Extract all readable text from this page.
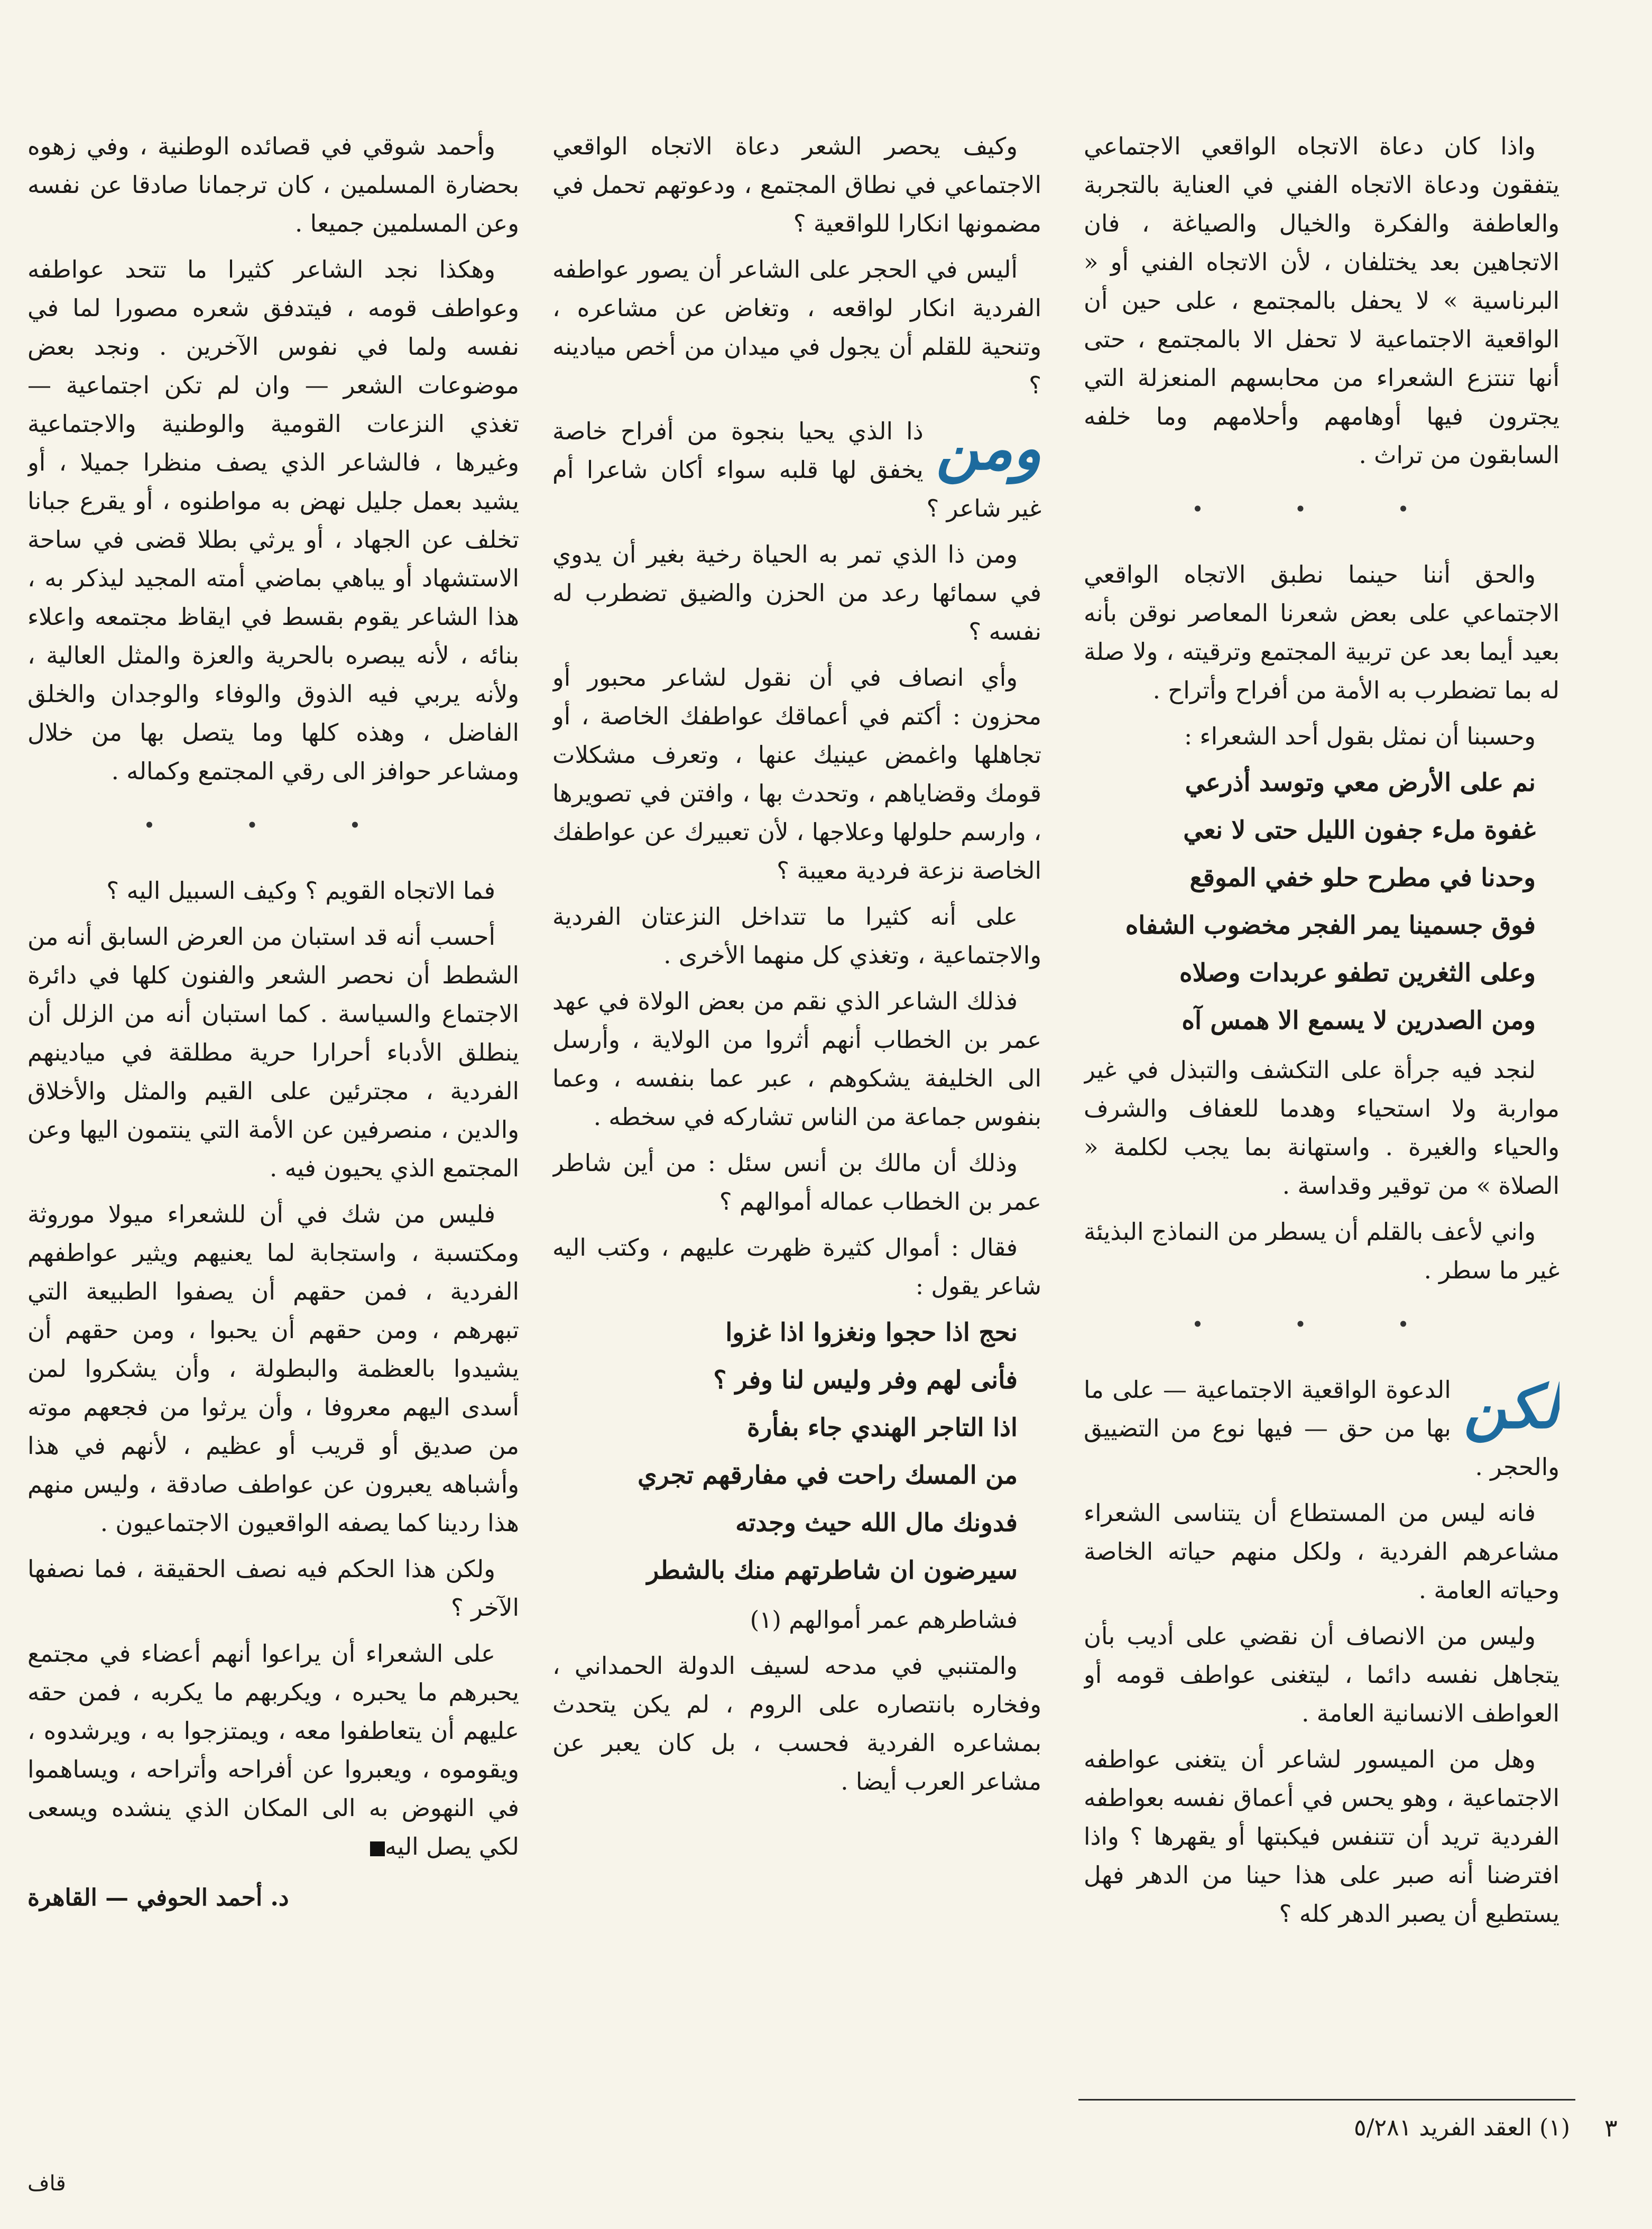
واذا كان دعاة الاتجاه الواقعي الاجتماعي يتفقون ودعاة الاتجاه الفني في العناية بالتجربة والعاطفة والفكرة والخيال والصياغة ، فان الاتجاهين بعد يختلفان ، لأن الاتجاه الفني أو « البرناسية » لا يحفل بالمجتمع ، على حين أن الواقعية الاجتماعية لا تحفل الا بالمجتمع ، حتى أنها تنتزع الشعراء من محابسهم المنعزلة التي يجترون فيها أوهامهم وأحلامهم وما خلفه السابقون من تراث .

• • •

والحق أننا حينما نطبق الاتجاه الواقعي الاجتماعي على بعض شعرنا المعاصر نوقن بأنه بعيد أيما بعد عن تربية المجتمع وترقيته ، ولا صلة له بما تضطرب به الأمة من أفراح وأتراح .

وحسبنا أن نمثل بقول أحد الشعراء :

نم على الأرض معي وتوسد أذرعي

غفوة ملء جفون الليل حتى لا نعي

وحدنا في مطرح حلو خفي الموقع

فوق جسمينا يمر الفجر مخضوب الشفاه

وعلى الثغرين تطفو عربدات وصلاه

ومن الصدرين لا يسمع الا همس آه

لنجد فيه جرأة على التكشف والتبذل في غير مواربة ولا استحياء وهدما للعفاف والشرف والحياء والغيرة . واستهانة بما يجب لكلمة « الصلاة » من توقير وقداسة .

واني لأعف بالقلم أن يسطر من النماذج البذيئة غير ما سطر .

• • •

لكن
الدعوة الواقعية الاجتماعية — على ما بها من حق — فيها نوع من التضييق والحجر .

فانه ليس من المستطاع أن يتناسى الشعراء مشاعرهم الفردية ، ولكل منهم حياته الخاصة وحياته العامة .

وليس من الانصاف أن نقضي على أديب بأن يتجاهل نفسه دائما ، ليتغنى عواطف قومه أو العواطف الانسانية العامة .

وهل من الميسور لشاعر أن يتغنى عواطفه الاجتماعية ، وهو يحس في أعماق نفسه بعواطفه الفردية تريد أن تتنفس فيكبتها أو يقهرها ؟ واذا افترضنا أنه صبر على هذا حينا من الدهر فهل يستطيع أن يصبر الدهر كله ؟

وكيف يحصر الشعر دعاة الاتجاه الواقعي الاجتماعي في نطاق المجتمع ، ودعوتهم تحمل في مضمونها انكارا للواقعية ؟

أليس في الحجر على الشاعر أن يصور عواطفه الفردية انكار لواقعه ، وتغاض عن مشاعره ، وتنحية للقلم أن يجول في ميدان من أخص ميادينه ؟

ومن
ذا الذي يحيا بنجوة من أفراح خاصة يخفق لها قلبه سواء أكان شاعرا أم غير شاعر ؟

ومن ذا الذي تمر به الحياة رخية بغير أن يدوي في سمائها رعد من الحزن والضيق تضطرب له نفسه ؟

وأي انصاف في أن نقول لشاعر محبور أو محزون : أكتم في أعماقك عواطفك الخاصة ، أو تجاهلها واغمض عينيك عنها ، وتعرف مشكلات قومك وقضاياهم ، وتحدث بها ، وافتن في تصويرها ، وارسم حلولها وعلاجها ، لأن تعبيرك عن عواطفك الخاصة نزعة فردية معيبة ؟

على أنه كثيرا ما تتداخل النزعتان الفردية والاجتماعية ، وتغذي كل منهما الأخرى .

فذلك الشاعر الذي نقم من بعض الولاة في عهد عمر بن الخطاب أنهم أثروا من الولاية ، وأرسل الى الخليفة يشكوهم ، عبر عما بنفسه ، وعما بنفوس جماعة من الناس تشاركه في سخطه .

وذلك أن مالك بن أنس سئل : من أين شاطر عمر بن الخطاب عماله أموالهم ؟

فقال : أموال كثيرة ظهرت عليهم ، وكتب اليه شاعر يقول :

نحج اذا حجوا ونغزوا اذا غزوا

فأنى لهم وفر وليس لنا وفر ؟

اذا التاجر الهندي جاء بفأرة

من المسك راحت في مفارقهم تجري

فدونك مال الله حيث وجدته

سيرضون ان شاطرتهم منك بالشطر

فشاطرهم عمر أموالهم (١)

والمتنبي في مدحه لسيف الدولة الحمداني ، وفخاره بانتصاره على الروم ، لم يكن يتحدث بمشاعره الفردية فحسب ، بل كان يعبر عن مشاعر العرب أيضا .

وأحمد شوقي في قصائده الوطنية ، وفي زهوه بحضارة المسلمين ، كان ترجمانا صادقا عن نفسه وعن المسلمين جميعا .

وهكذا نجد الشاعر كثيرا ما تتحد عواطفه وعواطف قومه ، فيتدفق شعره مصورا لما في نفسه ولما في نفوس الآخرين . ونجد بعض موضوعات الشعر — وان لم تكن اجتماعية — تغذي النزعات القومية والوطنية والاجتماعية وغيرها ، فالشاعر الذي يصف منظرا جميلا ، أو يشيد بعمل جليل نهض به مواطنوه ، أو يقرع جبانا تخلف عن الجهاد ، أو يرثي بطلا قضى في ساحة الاستشهاد أو يباهي بماضي أمته المجيد ليذكر به ، هذا الشاعر يقوم بقسط في ايقاظ مجتمعه واعلاء بنائه ، لأنه يبصره بالحرية والعزة والمثل العالية ، ولأنه يربي فيه الذوق والوفاء والوجدان والخلق الفاضل ، وهذه كلها وما يتصل بها من خلال ومشاعر حوافز الى رقي المجتمع وكماله .

• • •

فما الاتجاه القويم ؟ وكيف السبيل اليه ؟

أحسب أنه قد استبان من العرض السابق أنه من الشطط أن نحصر الشعر والفنون كلها في دائرة الاجتماع والسياسة . كما استبان أنه من الزلل أن ينطلق الأدباء أحرارا حرية مطلقة في ميادينهم الفردية ، مجترئين على القيم والمثل والأخلاق والدين ، منصرفين عن الأمة التي ينتمون اليها وعن المجتمع الذي يحيون فيه .

فليس من شك في أن للشعراء ميولا موروثة ومكتسبة ، واستجابة لما يعنيهم ويثير عواطفهم الفردية ، فمن حقهم أن يصفوا الطبيعة التي تبهرهم ، ومن حقهم أن يحبوا ، ومن حقهم أن يشيدوا بالعظمة والبطولة ، وأن يشكروا لمن أسدى اليهم معروفا ، وأن يرثوا من فجعهم موته من صديق أو قريب أو عظيم ، لأنهم في هذا وأشباهه يعبرون عن عواطف صادقة ، وليس منهم هذا ردينا كما يصفه الواقعيون الاجتماعيون .

ولكن هذا الحكم فيه نصف الحقيقة ، فما نصفها الآخر ؟

على الشعراء أن يراعوا أنهم أعضاء في مجتمع يحبرهم ما يحبره ، ويكربهم ما يكربه ، فمن حقه عليهم أن يتعاطفوا معه ، ويمتزجوا به ، ويرشدوه ، ويقوموه ، ويعبروا عن أفراحه وأتراحه ، ويساهموا في النهوض به الى المكان الذي ينشده ويسعى لكي يصل اليه

د. أحمد الحوفي — القاهرة
(١) العقد الفريد ٥/٢٨١ ٣
قاف
